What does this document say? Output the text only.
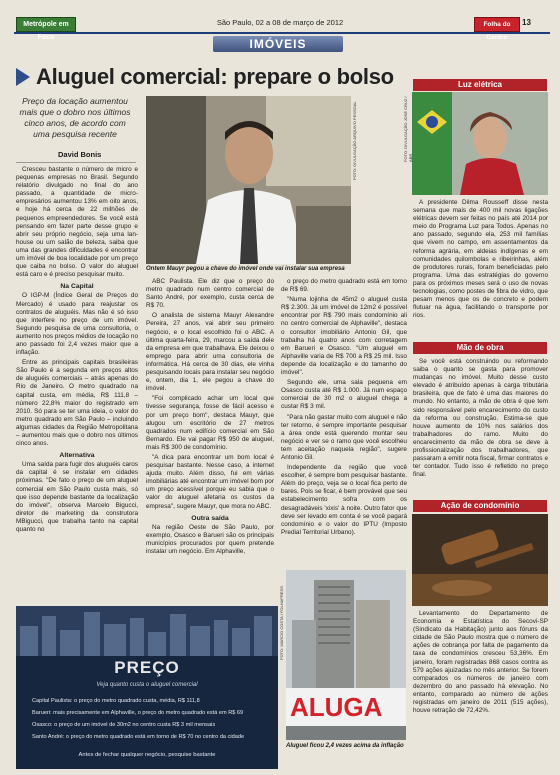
Metrópole em Foco
São Paulo, 02 a 08 de março de 2012	Folha do Centro
13
IMÓVEIS
Aluguel comercial: prepare o bolso
Preço da locação aumentou mais que o dobro nos últimos cinco anos, de acordo com uma pesquisa recente
David Bonis

Cresceu bastante o número de micro e pequenas empresas no Brasil. Segundo relatório divulgado no final do ano passado, a quantidade de micro-empresários aumentou 13% em oito anos, e hoje há cerca de 22 milhões de pequenos empreendedores. Se você está pensando em fazer parte desse grupo e abrir seu próprio negócio, seja uma lan-house ou um salão de beleza, saiba que uma das grandes dificuldades é encontrar um imóvel de boa localidade por um preço que caiba no bolso. O valor do aluguel está caro e é preciso pesquisar muito.

Na Capital

O IGP-M (Índice Geral de Preços do Mercado) é usado para reajustar os contratos de aluguéis. Mas não é só isso que interfere no preço de um imóvel. Segundo pesquisa de uma consultoria, o aumento nos preços médios de locação no ano passado foi 2,4 vezes maior que a inflação.

Entre as principais capitais brasileiras São Paulo é a segunda em preços altos de aluguéis comerciais – atrás apenas do Rio de Janeiro. O metro quadrado na capital custa, em média, R$ 111,8 – número 22,8% maior do registrado em 2010. Só para se ter uma ideia, o valor do metro quadrado em São Paulo – incluindo algumas cidades da Região Metropolitana – aumentou mais que o dobro nos últimos cinco anos.

Alternativa

Uma saída para fugir dos aluguéis caros da capital é se instalar em cidades próximas. "De fato o preço de um aluguel comercial em São Paulo custa mais, só que isso depende bastante da localização do imóvel", observa Marcelo Bigucci, diretor de marketing da construtora MBigucci, que trabalha tanto na capital quanto no

FOTO: DIVULGAÇÃO ARQUIVO PESSOAL
Ontem Mauyr pegou a chave do imóvel onde vai instalar sua empresa

ABC Paulista. Ele diz que o preço do metro quadrado num centro comercial de Santo André, por exemplo, custa cerca de R$ 70.

O analista de sistema Mauyr Alexandre Pereira, 27 anos, vai abrir seu primeiro negócio, e o local escolhido foi o ABC. A última quarta-feira, 29, marcou a saída dele da empresa em que trabalhava. Ele deixou o emprego para abrir uma consultoria de informática. Há cerca de 30 dias, ele vinha pesquisando locais para instalar seu negócio e, ontem, dia 1, ele pegou a chave do imóvel.

"Foi complicado achar um local que tivesse segurança, fosse de fácil acesso e por um preço bom", destaca Mauyr, que alugou um escritório de 27 metros quadrados num edifício comercial em São Bernardo. Ele vai pagar R$ 950 de aluguel, mais R$ 300 de condomínio.

"A dica para encontrar um bom local é pesquisar bastante. Nesse caso, a internet ajuda muito. Além disso, fui em várias imobiliárias até encontrar um imóvel bom por um preço acessível porque eu sabia que o valor do aluguel afetaria os custos da empresa", sugere Mauyr, que mora no ABC.

Outra saída

Na região Oeste de São Paulo, por exemplo, Osasco e Barueri são os principais municípios procurados por quem pretende instalar um negócio. Em Alphaville,

o preço do metro quadrado está em torno de R$ 69.

"Numa lojinha de 45m2 o aluguel custa R$ 2.300. Já um imóvel de 12m2 é possível encontrar por R$ 790 mais condomínio ali no centro comercial de Alphaville", destaca o consultor imobiliário Antonio Gil, que trabalha há quatro anos com corretagem em Barueri e Osasco. "Um aluguel em Alphaville varia de R$ 700 a R$ 25 mil. Isso depende da localização e do tamanho do imóvel".

Segundo ele, uma sala pequena em Osasco custa até R$ 1.000. Já num espaço comercial de 30 m2 o aluguel chega a custar R$ 3 mil.

"Para não gastar muito com aluguel e não ter retorno, é sempre importante pesquisar a área onde está querendo montar seu negócio e ver se o ramo que você escolheu tem aceitação naquela região", sugere Antonio Gil.

Independente da região que você escolher, é sempre bom pesquisar bastante. Além do preço, veja se o local fica perto de bares. Pois se ficar, é bem provável que seu estabelecimento sofra com os desagradáveis 'xixis' à noite. Outro fator que deve ser levado em conta é se você pagará condomínio e o valor do IPTU (Imposto Predial Territorial Urbano).

ALUGA
FOTO: MÁRCIO COSTA / FOLHAPRESS
Aluguel ficou 2,4 vezes acima da inflação
Luz elétrica
FOTO: DIVULGAÇÃO JOSÉ CRUZ / ABR

A presidente Dilma Rousseff disse nesta semana que mais de 400 mil novas ligações elétricas devem ser feitas no país até 2014 por meio do Programa Luz para Todos. Apenas no ano passado, segundo ela, 253 mil famílias que vivem no campo, em assentamentos da reforma agrária, em aldeias indígenas e em comunidades quilombolas e ribeirinhas, além de produtores rurais, foram beneficiadas pelo programa. Uma das estratégias do governo para os próximos meses será o uso de novas tecnologias, como postes de fibra de vidro, que pesam menos que os de concreto e podem flutuar na água, facilitando o transporte por rios.

Mão de obra

Se você está construindo ou reformando saiba o quanto se gasta para promover mudanças no imóvel. Muito desse custo elevado é atribuído apenas à carga tributária brasileira, que de fato é uma das maiores do mundo. No entanto, a mão de obra é que tem sido responsável pelo encarecimento do custo da reforma ou construção. Estima-se que houve aumento de 10% nos salários dos trabalhadores do ramo. Muito do encarecimento da mão de obra se deve à profissionalização dos trabalhadores, que passaram a emitir nota fiscal, firmar contratos e ter contador. Tudo isso é refletido no preço final.

Ação de condomínio

Levantamento do Departamento de Economia e Estatística do Secovi-SP (Sindicato da Habitação) junto aos fóruns da cidade de São Paulo mostra que o número de ações de cobrança por falta de pagamento da taxa de condomínios cresceu 53,36%. Em janeiro, foram registradas 868 casos contra as 579 ações ajuizadas no mês anterior. Se forem comparados os números de janeiro com dezembro do ano passado há elevação. No entanto, comparado ao número de ações registradas em janeiro de 2011 (515 ações), houve retração de 72,42%.

PREÇO
Veja quanto custa o aluguel comercial
Capital Paulista: o preço do metro quadrado custa, média, R$ 111,8
Barueri: mais precisamente em Alphaville, o preço do metro quadrado está em R$ 69
Osasco: o preço de um imóvel de 30m2 no centro custa R$ 3 mil mensais
Santo André: o preço do metro quadrado está em torno de R$ 70 no centro da cidade
Antes de fechar qualquer negócio, pesquise bastante
